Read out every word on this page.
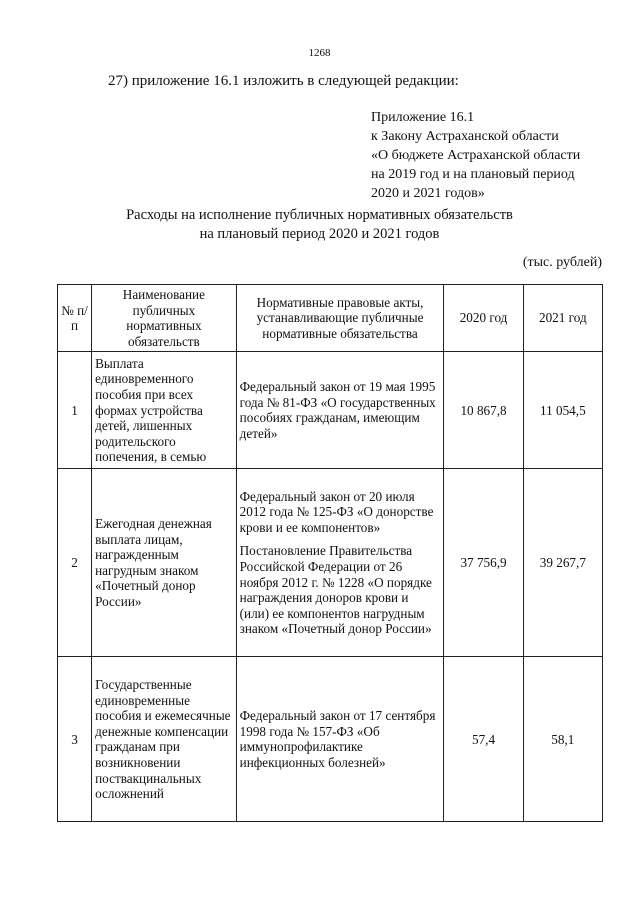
1268
27) приложение 16.1 изложить в следующей редакции:
Приложение 16.1
к Закону Астраханской области
«О бюджете Астраханской области
на 2019 год и на плановый период
2020 и 2021 годов»
Расходы на исполнение публичных нормативных обязательств
на плановый период 2020 и 2021 годов
(тыс. рублей)
№ п/п	Наименование публичных нормативных обязательств	Нормативные правовые акты, устанавливающие публичные нормативные обязательства	2020 год	2021 год
1	Выплата единовременного пособия при всех формах устройства детей, лишенных родительского попечения, в семью	Федеральный закон от 19 мая 1995 года № 81-ФЗ «О государственных пособиях гражданам, имеющим детей»	10 867,8	11 054,5
2	Ежегодная денежная выплата лицам, награжденным нагрудным знаком «Почетный донор России»	Федеральный закон от 20 июля 2012 года № 125-ФЗ «О донорстве крови и ее компонентов»
Постановление Правительства Российской Федерации от 26 ноября 2012 г. № 1228 «О порядке награждения доноров крови и (или) ее компонентов нагрудным знаком «Почетный донор России»	37 756,9	39 267,7
3	Государственные единовременные пособия и ежемесячные денежные компенсации гражданам при возникновении поствакцинальных осложнений	Федеральный закон от 17 сентября 1998 года № 157-ФЗ «Об иммунопрофилактике инфекционных болезней»	57,4	58,1
